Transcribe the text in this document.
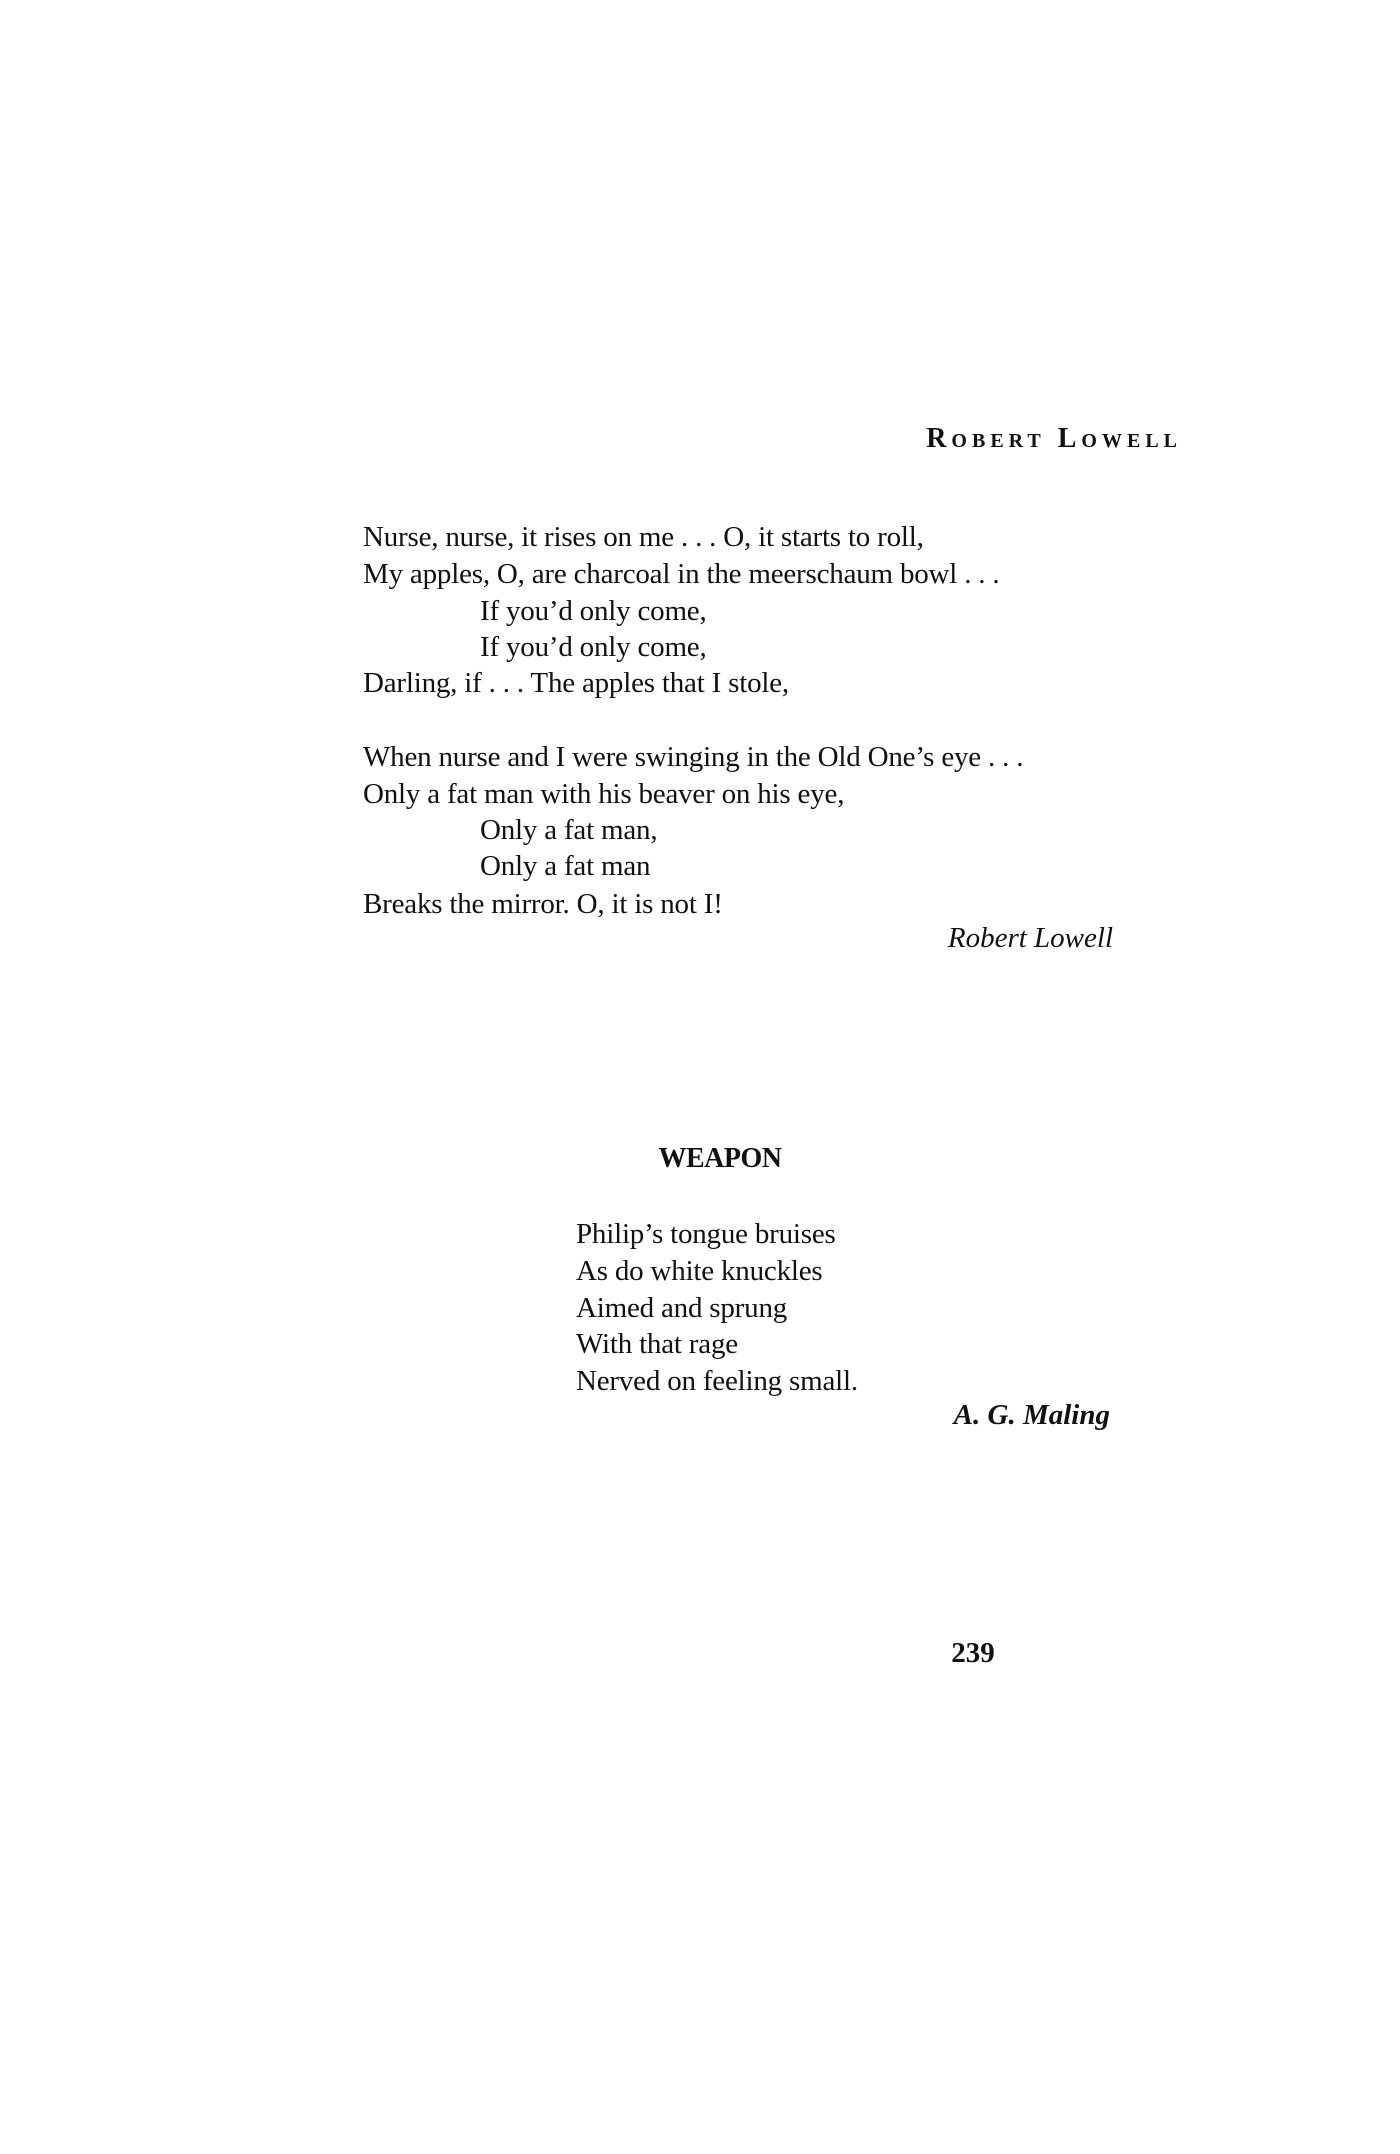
Robert Lowell
Nurse, nurse, it rises on me . . . O, it starts to roll,
My apples, O, are charcoal in the meerschaum bowl . . .
If you’d only come,
If you’d only come,
Darling, if . . . The apples that I stole,
When nurse and I were swinging in the Old One’s eye . . .
Only a fat man with his beaver on his eye,
Only a fat man,
Only a fat man
Breaks the mirror. O, it is not I!
Robert Lowell
WEAPON
Philip’s tongue bruises
As do white knuckles
Aimed and sprung
With that rage
Nerved on feeling small.
A. G. Maling
239
